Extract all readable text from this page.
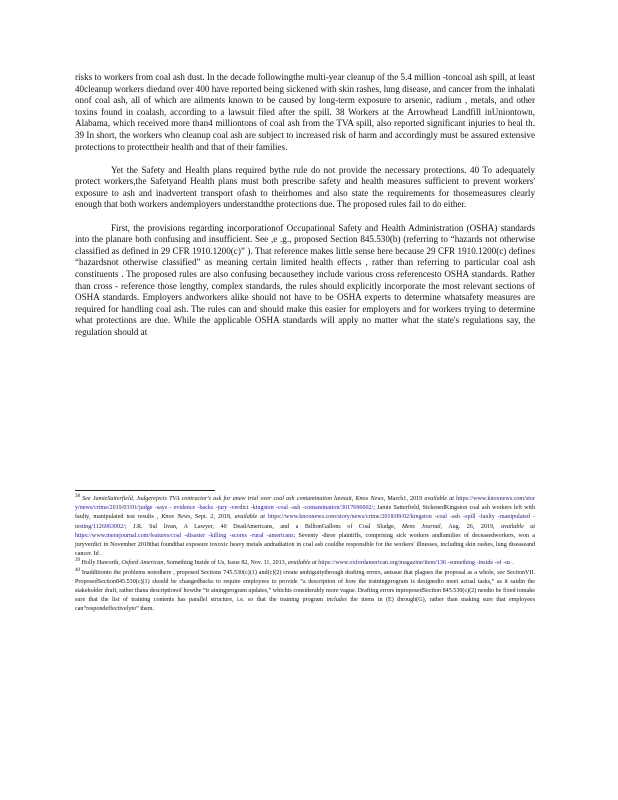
risks to workers from coal ash dust. In the decade followingthe multi-year cleanup of the 5.4 million -toncoal ash spill, at least 40cleanup workers diedand over 400 have reported being sickened with skin rashes, lung disease, and cancer from the inhalati onof coal ash, all of which are ailments known to be caused by long-term exposure to arsenic, radium , metals, and other toxins found in coalash, according to a lawsuit filed after the spill. 38 Workers at the Arrowhead Landfill inUniontown, Alabama, which received more than4 milliontons of coal ash from the TVA spill, also reported significant injuries to heal th. 39 In short, the workers who cleanup coal ash are subject to increased risk of harm and accordingly must be assured extensive protections to protecttheir health and that of their families.

Yet the Safety and Health plans required bythe rule do not provide the necessary protections. 40 To adequately protect workers,the Safetyand Health plans must both prescribe safety and health measures sufficient to prevent workers' exposure to ash and inadvertent transport ofash to theirhomes and also state the requirements for thosemeasures clearly enough that both workers andemployers understandthe protections due. The proposed rules fail to do either.

First, the provisions regarding incorporationof Occupational Safety and Health Administration (OSHA) standards into the planare both confusing and insufficient. See ,e .g., proposed Section 845.530(b) (referring to “hazards not otherwise classified as defined in 29 CFR 1910.1200(c)” ). That reference makes little sense here because 29 CFR 1910.1200(c) defines “hazardsnot otherwise classified” as meaning certain limited health effects , rather than referring to particular coal ash constituents . The proposed rules are also confusing becausethey include various cross referencesto OSHA standards. Rather than cross - reference those lengthy, complex standards, the rules should explicitly incorporate the most relevant sections of OSHA standards. Employers andworkers alike should not have to be OSHA experts to determine whatsafety measures are required for handling coal ash. The rules can and should make this easier for employers and for workers trying to determine what protections are due. While the applicable OSHA standards will apply no matter what the state's regulations say, the regulation should at

$^{38}$ See JamieSatterfield, Judgerejects TVA contractor's ask for anew trial over coal ash contamination lawsuit, Knox News, March1, 2019 available at https://www.knoxnews.com/stor y/news/crime/2019/03/01/judge -says - evidence -backs -jury -verdict -kingston -coal -ash -contamination/3017696002/; Jamie Satterfield, SickenedKingston coal ash workers left with faulty, manipulated test results , Knox News, Sept. 2, 2018, available at https://www.knoxnews.com/story/news/crime/2018/09/02/kingston -coal -ash -spill -faulty -manipulated -testing/1126963002/; J.R. Sul livan, A Lawyer, 40 DeadAmericans, and a BillionGallons of Coal Sludge, Mens Journal, Aug. 26, 2019, available at https://www.mensjournal.com/features/coal -disaster -killing -scores -rural -americans; Seventy -three plaintiffs, comprising sick workers andfamilies of deceasedworkers, won a juryverdict in November 2018that foundthat exposure toxoxic heavy metals andradiation in coal ash couldbe responsible for the workers' illnesses, including skin rashes, lung diseaseand cancer. Id .

$^{39}$ Holly Haworth, Oxford American, Something Inside of Us, Issue 82, Nov. 11, 2013, available at https://www.oxfordamerican.org/magazine/item/136 -something -inside -of -us .

$^{40}$ Inadditionto the problems notedhere , proposed Sections 745.530(c)(1) and(c)(2) create ambiguitythrough drafting errors, anissue that plagues the proposal as a whole, see SectionVII. ProposedSection845.530(c)(1) should be changedbacks to require employees to provide “a description of how the trainingprogram is designedto meet actual tasks,” as it saidin the stakeholder draft, rather thana descriptionof howthe “tr ainingprogram updates,” whichis considerably more vague. Drafting errors inproposedSection 845.530(c)(2) needto be fixed tomake sure that the list of training contents has parallel structure, i.e. so that the training program includes the items in (E) through(G), rather than making sure that employees can“respondeffectivelyto” them.
